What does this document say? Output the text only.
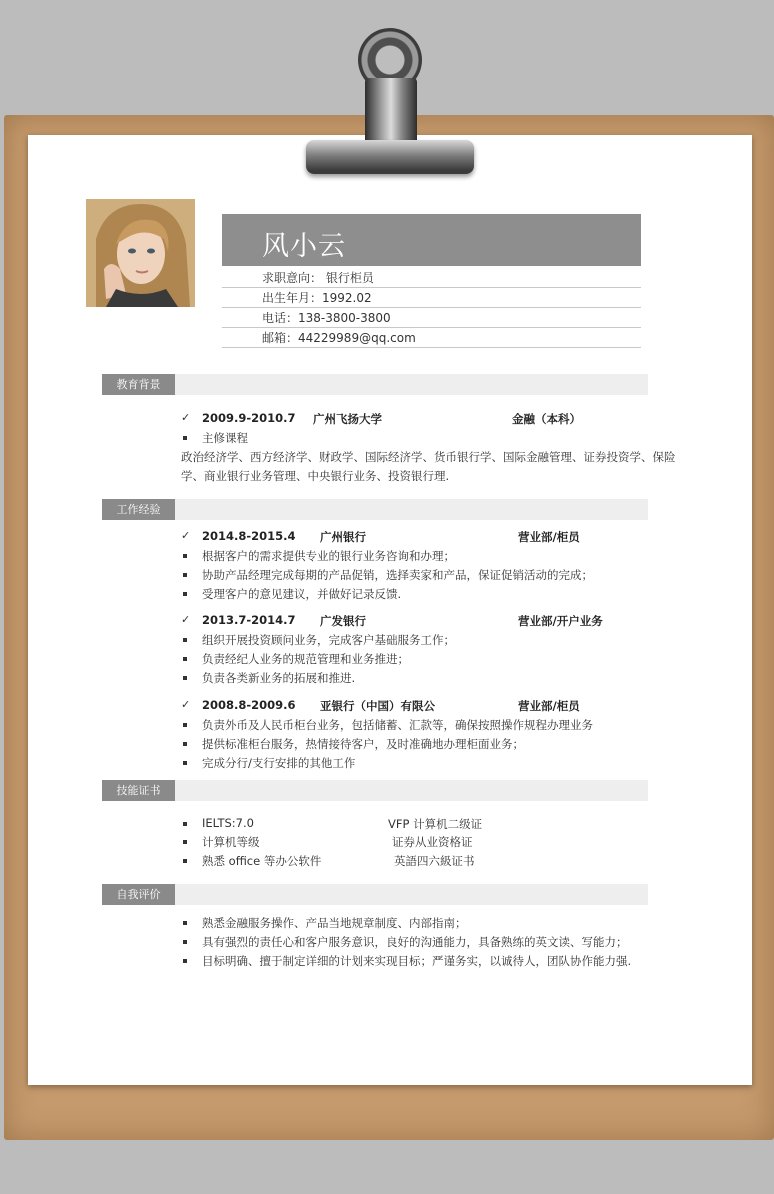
风小云
求职意向： 银行柜员
出生年月：1992.02
电话：138-3800-3800
邮箱：44229989@qq.com
教育背景
✓ 2009.9-2010.7 广州飞扬大学	金融（本科）
主修课程
政治经济学、西方经济学、财政学、国际经济学、货币银行学、国际金融管理、证券投资学、保险
学、商业银行业务管理、中央银行业务、投资银行理.
工作经验
✓ 2014.8-2015.4 广州银行	营业部/柜员
根据客户的需求提供专业的银行业务咨询和办理；
协助产品经理完成每期的产品促销，选择卖家和产品，保证促销活动的完成；
受理客户的意见建议，并做好记录反馈.
✓ 2013.7-2014.7 广发银行	营业部/开户业务
组织开展投资顾问业务，完成客户基础服务工作；
负责经纪人业务的规范管理和业务推进；
负责各类新业务的拓展和推进.
✓ 2008.8-2009.6 亚银行（中国）有限公	营业部/柜员
负责外币及人民币柜台业务，包括储蓄、汇款等，确保按照操作规程办理业务
提供标准柜台服务，热情接待客户，及时准确地办理柜面业务；
完成分行/支行安排的其他工作
技能证书
IELTS:7.0	VFP 计算机二级证
计算机等级	证券从业资格证
熟悉 office 等办公软件	英語四六級证书
自我评价
熟悉金融服务操作、产品当地规章制度、内部指南；
具有强烈的责任心和客户服务意识，良好的沟通能力，具备熟练的英文读、写能力；
目标明确、擅于制定详细的计划来实现目标；严谨务实，以诚待人，团队协作能力强.
